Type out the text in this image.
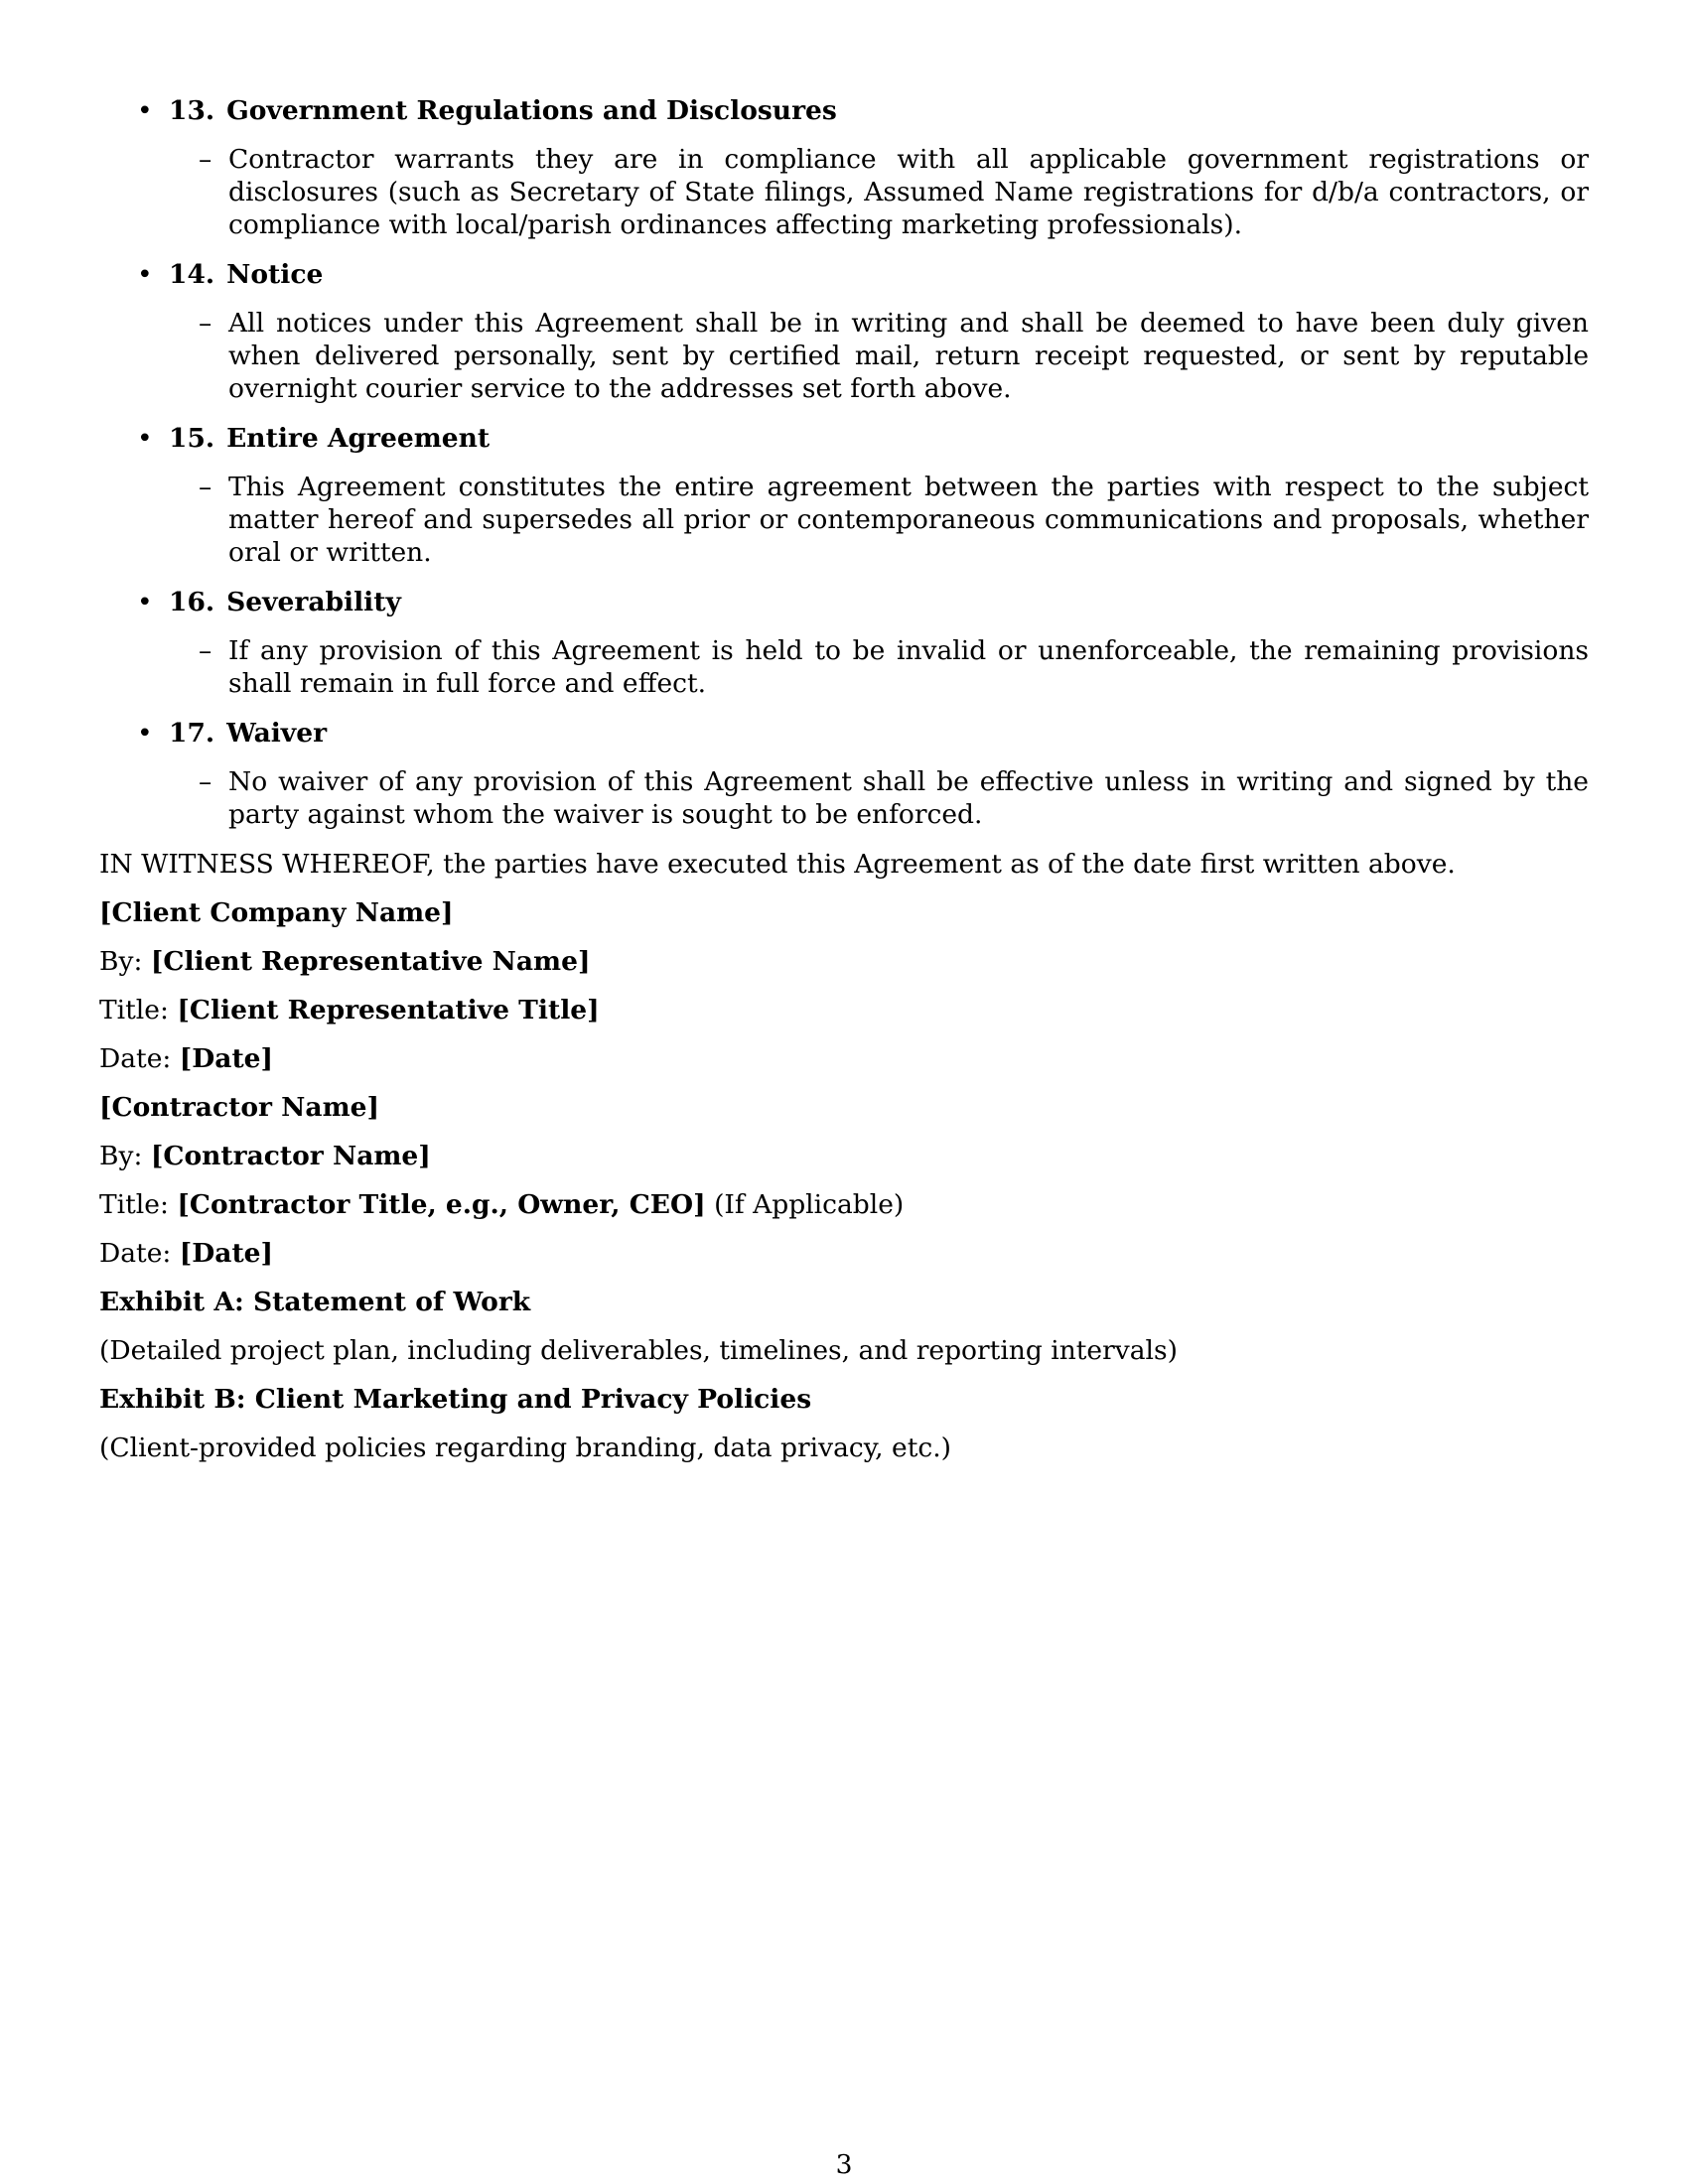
• 13. Government Regulations and Disclosures
– Contractor warrants they are in compliance with all applicable government registrations or disclosures (such as Secretary of State filings, Assumed Name registrations for d/b/a contractors, or compliance with local/parish ordinances affecting marketing professionals).
• 14. Notice
– All notices under this Agreement shall be in writing and shall be deemed to have been duly given when delivered personally, sent by certified mail, return receipt requested, or sent by reputable overnight courier service to the addresses set forth above.
• 15. Entire Agreement
– This Agreement constitutes the entire agreement between the parties with respect to the subject matter hereof and supersedes all prior or contemporaneous communications and proposals, whether oral or written.
• 16. Severability
– If any provision of this Agreement is held to be invalid or unenforceable, the remaining provisions shall remain in full force and effect.
• 17. Waiver
– No waiver of any provision of this Agreement shall be effective unless in writing and signed by the party against whom the waiver is sought to be enforced.

IN WITNESS WHEREOF, the parties have executed this Agreement as of the date first written above.

[Client Company Name]

By: [Client Representative Name]

Title: [Client Representative Title]

Date: [Date]

[Contractor Name]

By: [Contractor Name]

Title: [Contractor Title, e.g., Owner, CEO] (If Applicable)

Date: [Date]

Exhibit A: Statement of Work

(Detailed project plan, including deliverables, timelines, and reporting intervals)

Exhibit B: Client Marketing and Privacy Policies

(Client-provided policies regarding branding, data privacy, etc.)

3
